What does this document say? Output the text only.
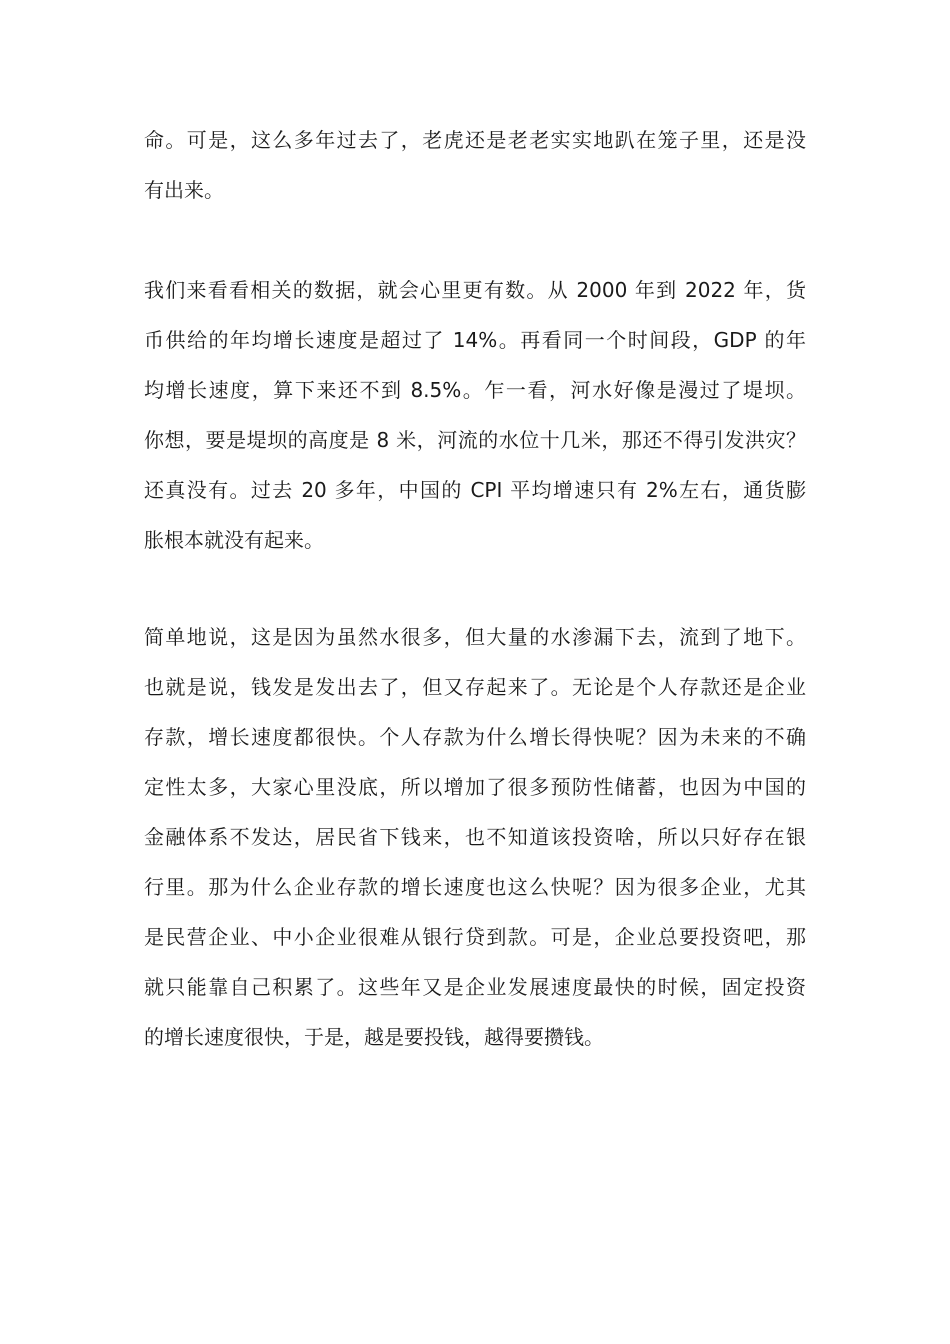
命。可是，这么多年过去了，老虎还是老老实实地趴在笼子里，还是没
有出来。
我们来看看相关的数据，就会心里更有数。从 2000 年到 2022 年，货
币供给的年均增长速度是超过了 14%。再看同一个时间段，GDP 的年
均增长速度，算下来还不到 8.5%。乍一看，河水好像是漫过了堤坝。
你想，要是堤坝的高度是 8 米，河流的水位十几米，那还不得引发洪灾？
还真没有。过去 20 多年，中国的 CPI 平均增速只有 2%左右，通货膨
胀根本就没有起来。
简单地说，这是因为虽然水很多，但大量的水渗漏下去，流到了地下。
也就是说，钱发是发出去了，但又存起来了。无论是个人存款还是企业
存款，增长速度都很快。个人存款为什么增长得快呢？因为未来的不确
定性太多，大家心里没底，所以增加了很多预防性储蓄，也因为中国的
金融体系不发达，居民省下钱来，也不知道该投资啥，所以只好存在银
行里。那为什么企业存款的增长速度也这么快呢？因为很多企业，尤其
是民营企业、中小企业很难从银行贷到款。可是，企业总要投资吧，那
就只能靠自己积累了。这些年又是企业发展速度最快的时候，固定投资
的增长速度很快，于是，越是要投钱，越得要攒钱。
